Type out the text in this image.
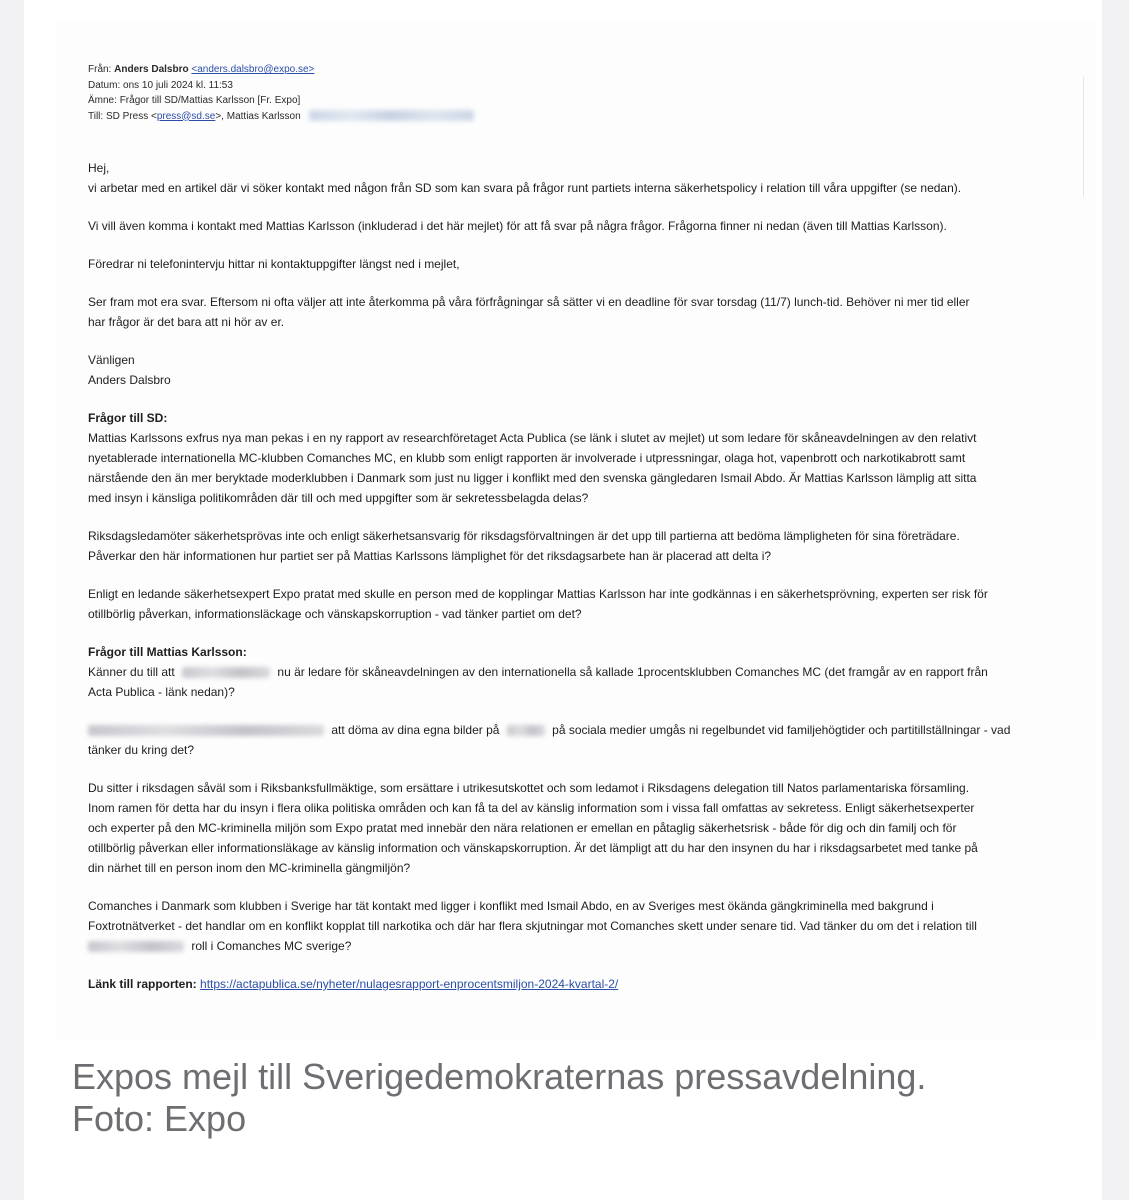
Från: Anders Dalsbro <anders.dalsbro@expo.se>
Datum: ons 10 juli 2024 kl. 11:53
Ämne: Frågor till SD/Mattias Karlsson [Fr. Expo]
Till: SD Press <press@sd.se>, Mattias Karlsson

Hej,

vi arbetar med en artikel där vi söker kontakt med någon från SD som kan svara på frågor runt partiets interna säkerhetspolicy i relation till våra uppgifter (se nedan).

Vi vill även komma i kontakt med Mattias Karlsson (inkluderad i det här mejlet) för att få svar på några frågor. Frågorna finner ni nedan (även till Mattias Karlsson).

Föredrar ni telefonintervju hittar ni kontaktuppgifter längst ned i mejlet,

Ser fram mot era svar. Eftersom ni ofta väljer att inte återkomma på våra förfrågningar så sätter vi en deadline för svar torsdag (11/7) lunch-tid. Behöver ni mer tid eller

har frågor är det bara att ni hör av er.

Vänligen

Anders Dalsbro

Frågor till SD:

Mattias Karlssons exfrus nya man pekas i en ny rapport av researchföretaget Acta Publica (se länk i slutet av mejlet) ut som ledare för skåneavdelningen av den relativt

nyetablerade internationella MC-klubben Comanches MC, en klubb som enligt rapporten är involverade i utpressningar, olaga hot, vapenbrott och narkotikabrott samt

närstående den än mer beryktade moderklubben i Danmark som just nu ligger i konflikt med den svenska gängledaren Ismail Abdo. Är Mattias Karlsson lämplig att sitta

med insyn i känsliga politikområden där till och med uppgifter som är sekretessbelagda delas?

Riksdagsledamöter säkerhetsprövas inte och enligt säkerhetsansvarig för riksdagsförvaltningen är det upp till partierna att bedöma lämpligheten för sina företrädare.

Påverkar den här informationen hur partiet ser på Mattias Karlssons lämplighet för det riksdagsarbete han är placerad att delta i?

Enligt en ledande säkerhetsexpert Expo pratat med skulle en person med de kopplingar Mattias Karlsson har inte godkännas i en säkerhetsprövning, experten ser risk för

otillbörlig påverkan, informationsläckage och vänskapskorruption - vad tänker partiet om det?

Frågor till Mattias Karlsson:

Känner du till att	nu är ledare för skåneavdelningen av den internationella så kallade 1procentsklubben Comanches MC (det framgår av en rapport från

Acta Publica - länk nedan)?

att döma av dina egna bilder på	på sociala medier umgås ni regelbundet vid familjehögtider och partitillställningar - vad

tänker du kring det?

Du sitter i riksdagen såväl som i Riksbanksfullmäktige, som ersättare i utrikesutskottet och som ledamot i Riksdagens delegation till Natos parlamentariska församling.

Inom ramen för detta har du insyn i flera olika politiska områden och kan få ta del av känslig information som i vissa fall omfattas av sekretess. Enligt säkerhetsexperter

och experter på den MC-kriminella miljön som Expo pratat med innebär den nära relationen er emellan en påtaglig säkerhetsrisk - både för dig och din familj och för

otillbörlig påverkan eller informationsläkage av känslig information och vänskapskorruption. Är det lämpligt att du har den insynen du har i riksdagsarbetet med tanke på

din närhet till en person inom den MC-kriminella gängmiljön?

Comanches i Danmark som klubben i Sverige har tät kontakt med ligger i konflikt med Ismail Abdo, en av Sveriges mest ökända gängkriminella med bakgrund i

Foxtrotnätverket - det handlar om en konflikt kopplat till narkotika och där har flera skjutningar mot Comanches skett under senare tid. Vad tänker du om det i relation till

roll i Comanches MC sverige?

Länk till rapporten: https://actapublica.se/nyheter/nulagesrapport-enprocentsmiljon-2024-kvartal-2/

Expos mejl till Sverigedemokraternas pressavdelning.
Foto: Expo
